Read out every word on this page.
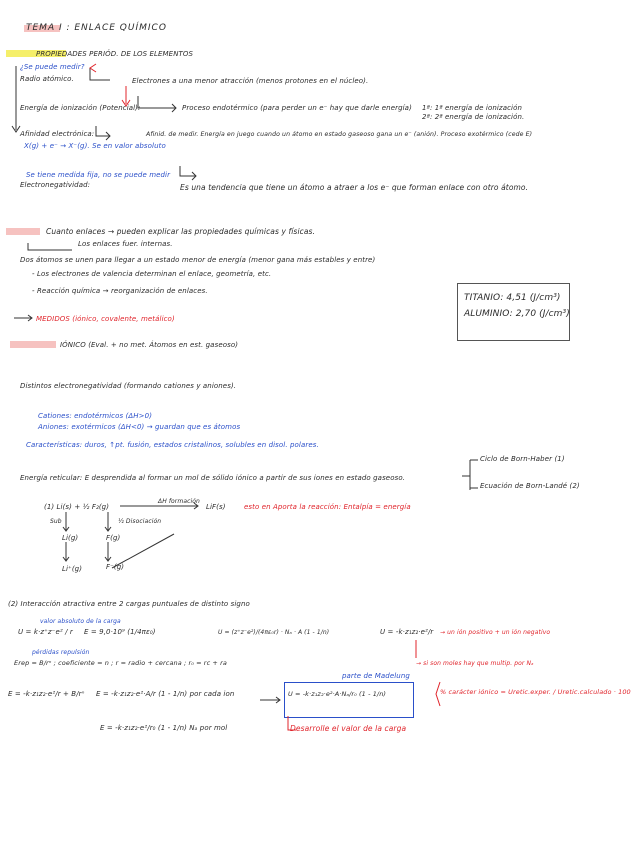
TEMA I : ENLACE QUÍMICO
PROPIEDADES PERIÓD. DE LOS ELEMENTOS
¿Se puede medir?
Radio atómico.	Electrones a una menor atracción (menos protones en el núcleo).
Energía de ionización (Potencial):	Proceso endotérmico (para perder un e⁻ hay que darle energía) 1ª: 1ª energía de ionización
2ª: 2ª energía de ionización.
Afinidad electrónica:	Afinid. de medir. Energía en juego cuando un átomo en estado gaseoso gana un e⁻ (anión). Proceso exotérmico (cede E)
X(g) + e⁻ → X⁻(g). Se en valor absoluto
Se tiene medida fija, no se puede medir
Electronegatividad:	Es una tendencia que tiene un átomo a atraer a los e⁻ que forman enlace con otro átomo.
Cuanto enlaces → pueden explicar las propiedades químicas y físicas.
Los enlaces fuer. internas.
Dos átomos se unen para llegar a un estado menor de energía (menor gana más estables y entre)
- Los electrones de valencia determinan el enlace, geometría, etc.
- Reacción química → reorganización de enlaces.
MEDIDOS (iónico, covalente, metálico)
TITANIO: 4,51 (J/cm³)
ALUMINIO: 2,70 (J/cm³)
IÓNICO (Eval. + no met. Átomos en est. gaseoso)
Distintos electronegatividad (formando cationes y aniones).
Cationes: endotérmicos (ΔH>0)
Aniones: exotérmicos (ΔH<0) → guardan que es átomos
Características: duros, ↑pt. fusión, estados cristalinos, solubles en disol. polares.
Energía reticular: E desprendida al formar un mol de sólido iónico a partir de sus iones en estado gaseoso.
Ciclo de Born-Haber (1)
Ecuación de Born-Landé (2)
(1) Li(s) + ½ F₂(g)
ΔH formación
LiF(s)	esto en Aporta la reacción: Entalpía = energía
Sub	½ Disociación
Li(g)	F(g)
Li⁺(g)	F⁻(g)
(2) Interacción atractiva entre 2 cargas puntuales de distinto signo
valor absoluto de la carga
U = k·z⁺z⁻e² / r E = 9,0·10⁹ (1/4πε₀)	U = (z⁺z⁻e²)/(4πε₀r) · Nₐ · A (1 - 1/n)	U = -k·z₁z₂·e²/r → un ión positivo + un ión negativo
pérdidas repulsión
Erep = B/rⁿ ; coeficiente = n ; r = radio + cercana ; r₀ = rc + ra	→ si son moles hay que multip. por Nₐ
E = -k·z₁z₂·e²/r + B/rⁿ E = -k·z₁z₂·e²·A/r (1 - 1/n) por cada ion
parte de Madelung
U = -k·z₁z₂·e²·A·Nₐ/r₀ (1 - 1/n)	% carácter iónico = Uretic.exper. / Uretic.calculado · 100
E = -k·z₁z₂·e²/r₀ (1 - 1/n) Nₐ por mol	Desarrolle el valor de la carga
